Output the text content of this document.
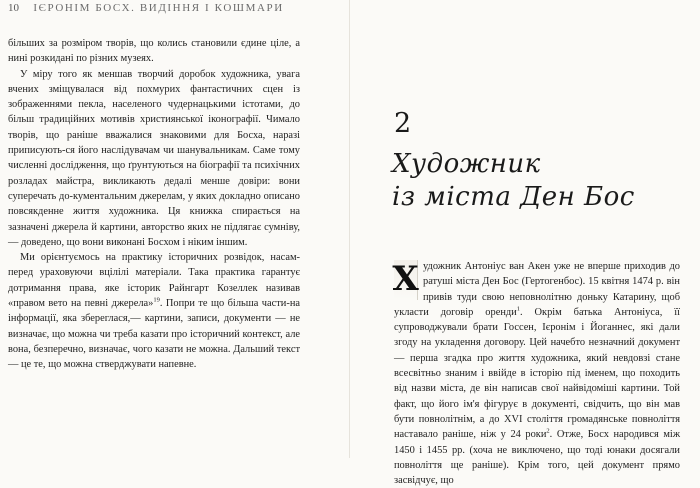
10 ІЄРОНІМ БОСХ. ВИДІННЯ І КОШМАРИ

більших за розміром творів, що колись становили єдине ціле, а нині розкидані по різних музеях.

У міру того як меншав творчий доробок художника, увага вчених зміщувалася від похмурих фантастичних сцен із зображеннями пекла, населеного чудернацькими істотами, до більш традиційних мотивів християнської іконографії. Чимало творів, що раніше вважалися знаковими для Босха, наразі приписують-ся його наслідувачам чи шанувальникам. Саме тому численні дослідження, що ґрунтуються на біографії та психічних розладах майстра, викликають дедалі менше довіри: вони суперечать до-кументальним джерелам, у яких докладно описано повсякденне життя художника. Ця книжка спирається на зазначені джерела й картини, авторство яких не підлягає сумніву,— доведено, що вони виконані Босхом і ніким іншим.

Ми орієнтуємось на практику історичних розвідок, насам-перед ураховуючи вцілілі матеріали. Така практика гарантує дотримання права, яке історик Райнгарт Козеллек називав «правом вето на певні джерела»$^{19}$. Попри те що більша части-на інформації, яка збереглася,— картини, записи, документи — не визначає, що можна чи треба казати про історичний контекст, але вона, безперечно, визначає, чого казати не можна. Дальший текст — це те, що можна стверджувати напевне.

2
Художник
із міста Ден Бос
Х удожник Антоніус ван Акен уже не вперше приходив до ратуші міста Ден Бос (Гертогенбос). 15 квітня 1474 р. він привів туди свою неповнолітню доньку Катарину, щоб укласти договір оренди$^1$. Окрім батька Антоніуса, її супроводжували брати Госсен, Ієронім і Йоганнес, які дали згоду на укладення договору. Цей начебто незначний документ — перша згадка про життя художника, який невдовзі стане всесвітньо знаним і ввійде в історію під іменем, що походить від назви міста, де він написав свої найвідоміші картини. Той факт, що його ім'я фігурує в документі, свідчить, що він мав бути повнолітнім, а до XVI століття громадянське повноліття наставало раніше, ніж у 24 роки$^2$. Отже, Босх народився між 1450 і 1455 рр. (хоча не виключено, що тоді юнаки досягали повноліття ще раніше). Крім того, цей документ прямо засвідчує, що
